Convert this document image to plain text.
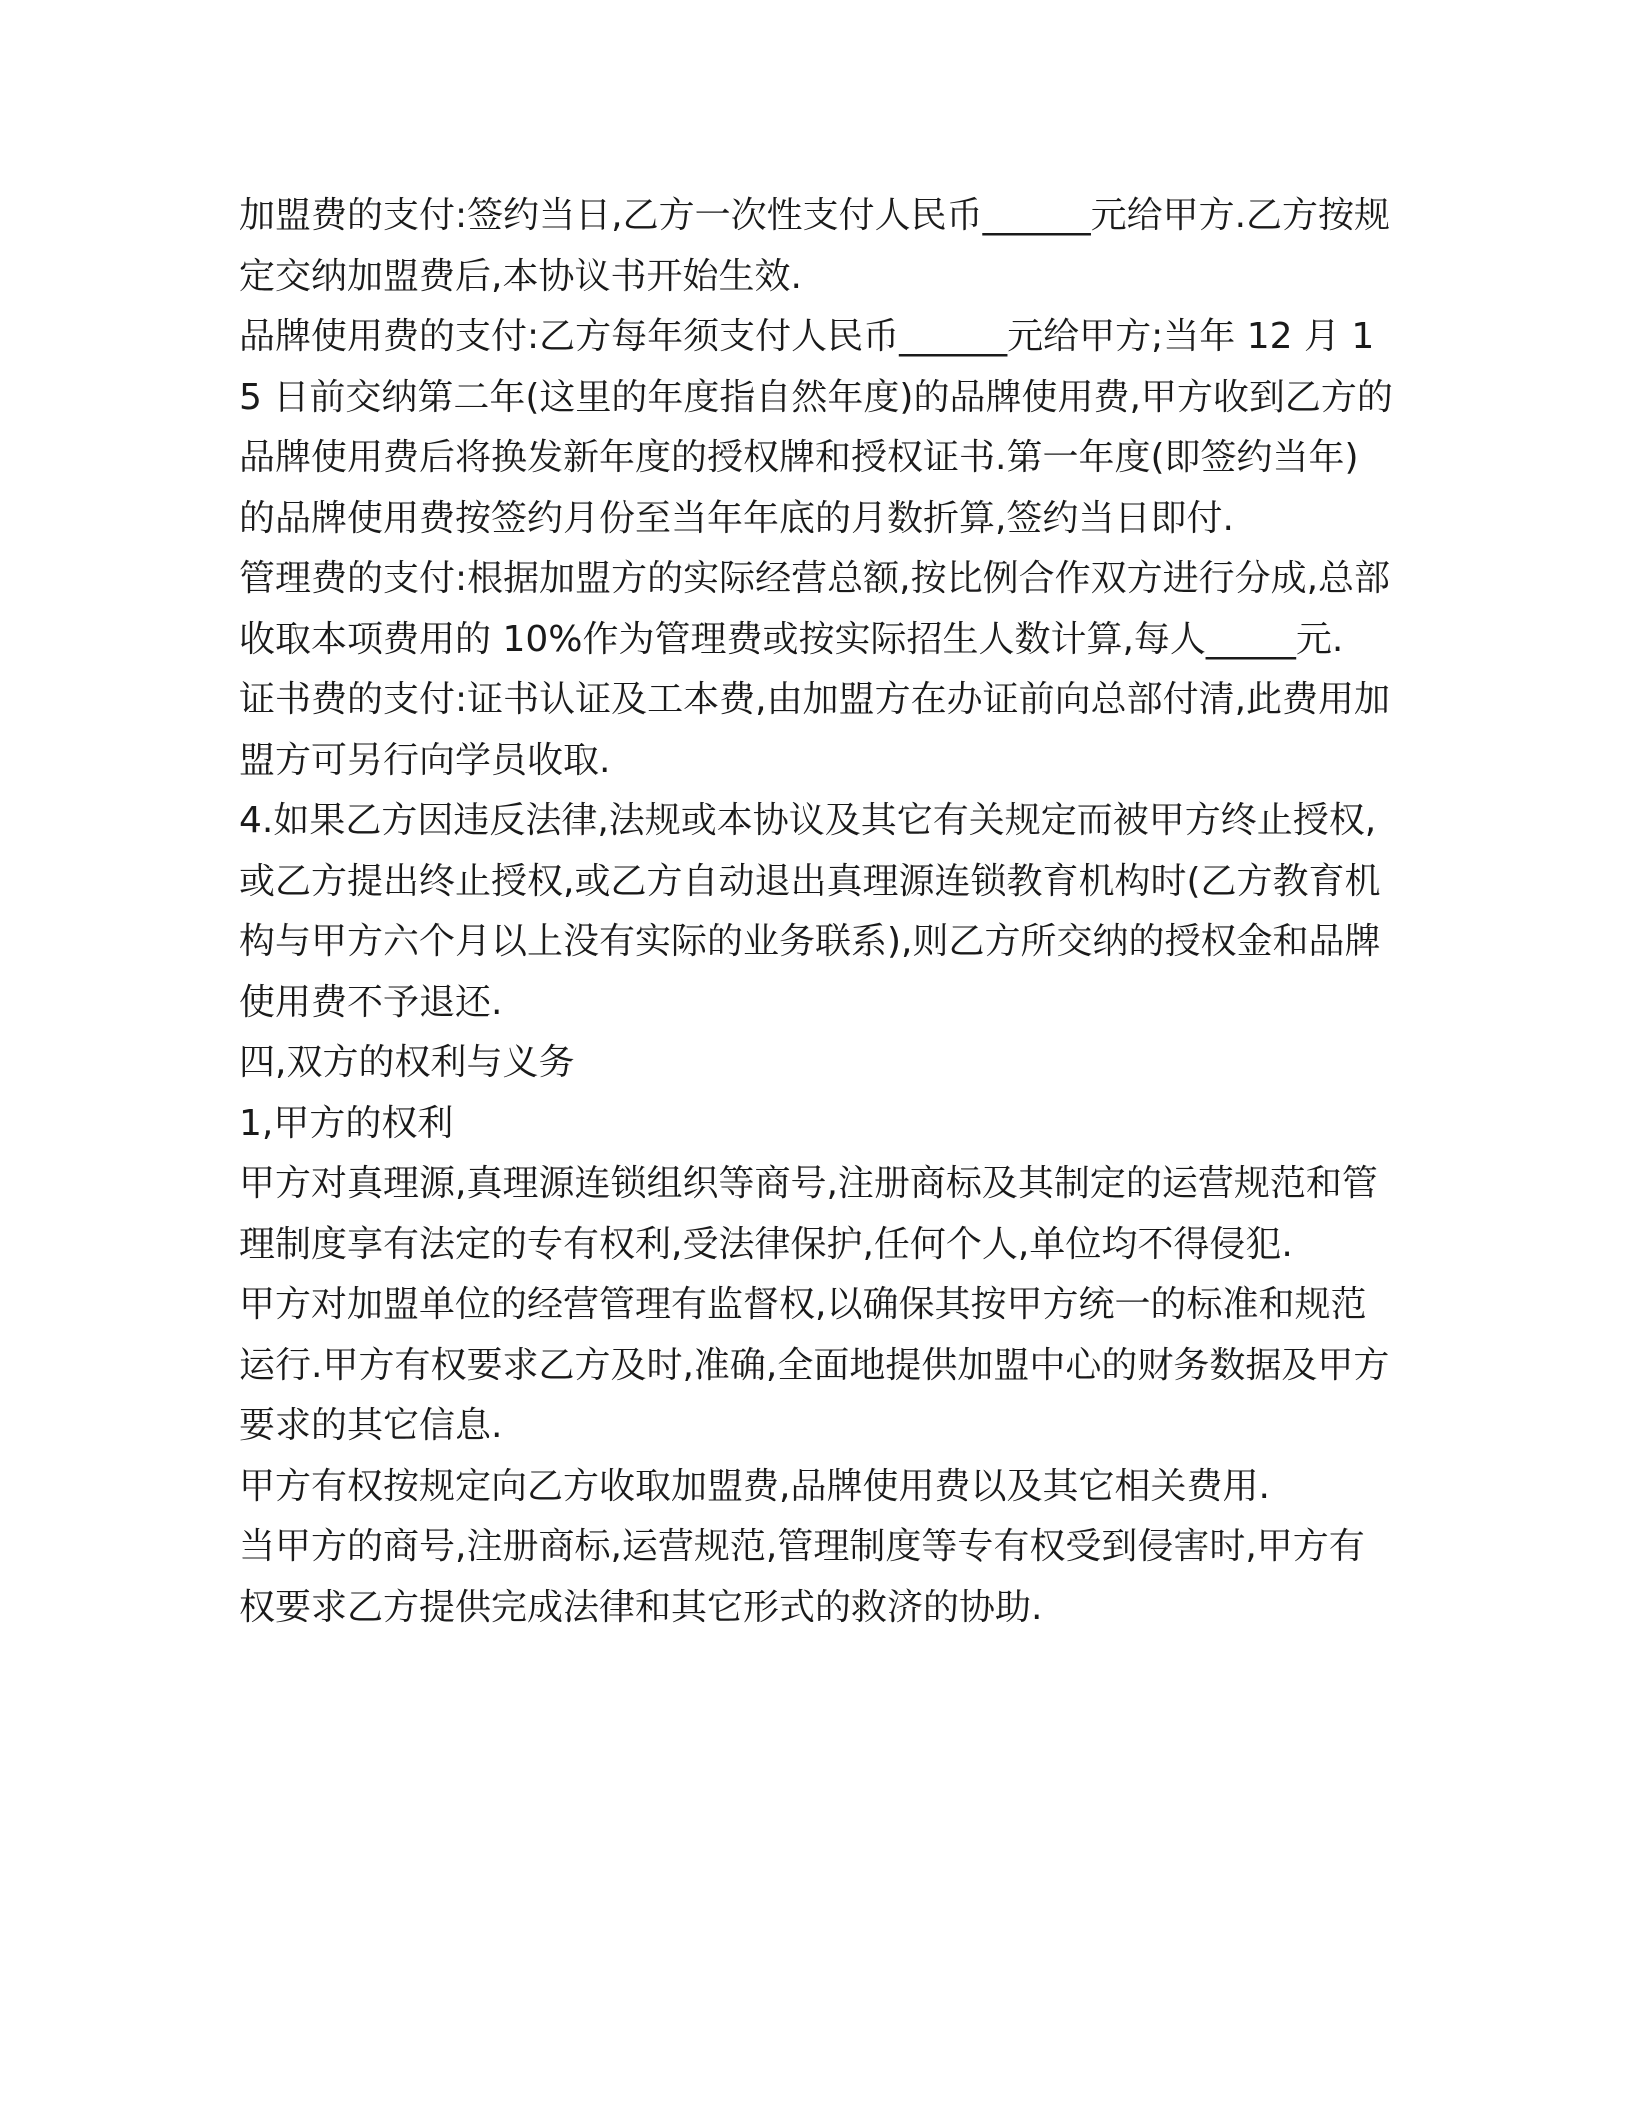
加盟费的支付:签约当日,乙方一次性支付人民币______元给甲方.乙方按规定交纳加盟费后,本协议书开始生效.

品牌使用费的支付:乙方每年须支付人民币______元给甲方;当年 12 月 15 日前交纳第二年(这里的年度指自然年度)的品牌使用费,甲方收到乙方的品牌使用费后将换发新年度的授权牌和授权证书.第一年度(即签约当年)的品牌使用费按签约月份至当年年底的月数折算,签约当日即付.

管理费的支付:根据加盟方的实际经营总额,按比例合作双方进行分成,总部收取本项费用的 10%作为管理费或按实际招生人数计算,每人_____元.

证书费的支付:证书认证及工本费,由加盟方在办证前向总部付清,此费用加盟方可另行向学员收取.

4.如果乙方因违反法律,法规或本协议及其它有关规定而被甲方终止授权,或乙方提出终止授权,或乙方自动退出真理源连锁教育机构时(乙方教育机构与甲方六个月以上没有实际的业务联系),则乙方所交纳的授权金和品牌使用费不予退还.

四,双方的权利与义务

1,甲方的权利

甲方对真理源,真理源连锁组织等商号,注册商标及其制定的运营规范和管理制度享有法定的专有权利,受法律保护,任何个人,单位均不得侵犯.

甲方对加盟单位的经营管理有监督权,以确保其按甲方统一的标准和规范运行.甲方有权要求乙方及时,准确,全面地提供加盟中心的财务数据及甲方要求的其它信息.

甲方有权按规定向乙方收取加盟费,品牌使用费以及其它相关费用.

当甲方的商号,注册商标,运营规范,管理制度等专有权受到侵害时,甲方有权要求乙方提供完成法律和其它形式的救济的协助.
